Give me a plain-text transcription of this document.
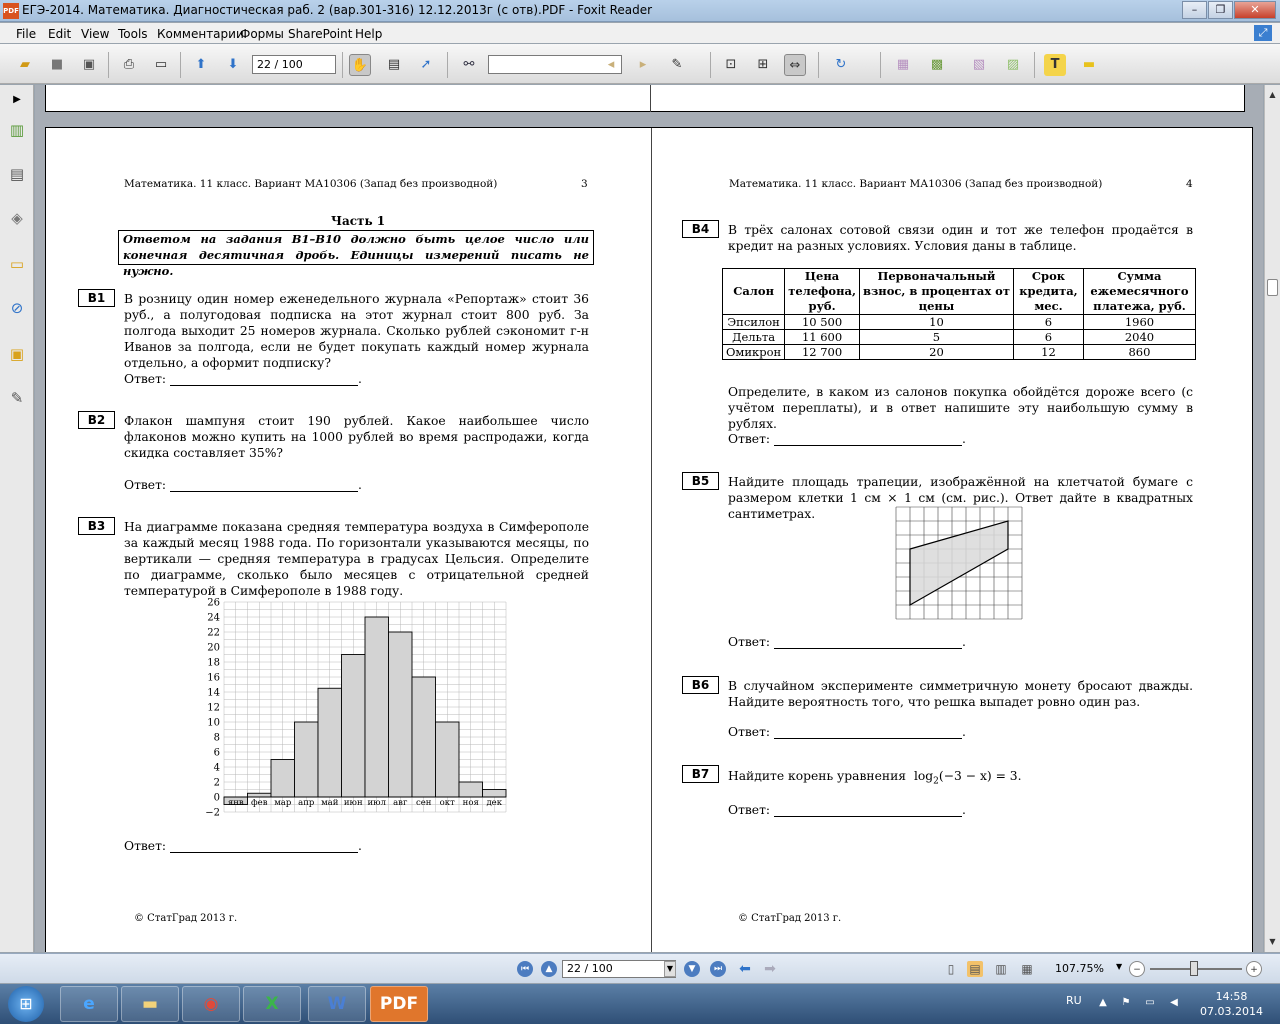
PDF ЕГЭ-2014. Математика. Диагностическая раб. 2 (вар.301-316) 12.12.2013г (с отв).PDF - Foxit Reader	–	❐	✕
File Edit View Tools Комментарии
Формы SharePoint Help	⤢
▰	■	▣	⎙	▭	⬆	⬇	22 / 100	✋	▤	➚	⚯	◂	▸	✎	⊡	⊞	⇔	↻	▦	▩	▧	▨	T	▬
▶
▥
▤
◈
▭
⊘
▣
✎
Математика. 11 класс. Вариант МА10306 (Запад без производной)	3
Часть 1
Ответом на задания В1–В10 должно быть целое число или конечная десятичная дробь. Единицы измерений писать не нужно.
B1	В розницу один номер еженедельного журнала «Репортаж» стоит 36 руб., а полугодовая подписка на этот журнал стоит 800 руб. За полгода выходит 25 номеров журнала. Сколько рублей сэкономит г-н Иванов за полгода, если не будет покупать каждый номер журнала отдельно, а оформит подписку?
Ответ:	.
B2	Флакон шампуня стоит 190 рублей. Какое наибольшее число флаконов можно купить на 1000 рублей во время распродажи, когда скидка составляет 35%?
Ответ:	.
B3	На диаграмме показана средняя температура воздуха в Симферополе за каждый месяц 1988 года. По горизонтали указываются месяцы, по вертикали — средняя температура в градусах Цельсия. Определите по диаграмме, сколько было месяцев с отрицательной средней температурой в Симферополе в 1988 году.
−2
0
2
4
6
8
10
12
14
16
18
20
22
24
26
янв фев мар апр май июн июл авг сен окт ноя дек
Ответ:	.
© СтатГрад 2013 г.
Математика. 11 класс. Вариант МА10306 (Запад без производной)	4
B4	В трёх салонах сотовой связи один и тот же телефон продаётся в кредит на разных условиях. Условия даны в таблице.
Салон	Цена телефона, руб.	Первоначальный взнос, в процентах от цены	Срок кредита, мес.	Сумма ежемесячного платежа, руб.
Эпсилон	10 500	10	6	1960
Дельта	11 600	5	6	2040
Омикрон	12 700	20	12	860
Определите, в каком из салонов покупка обойдётся дороже всего (с учётом переплаты), и в ответ напишите эту наибольшую сумму в рублях.
Ответ:	.
B5	Найдите площадь трапеции, изображённой на клетчатой бумаге с размером клетки 1 см × 1 см (см. рис.). Ответ дайте в квадратных сантиметрах.
Ответ:	.
B6	В случайном эксперименте симметричную монету бросают дважды. Найдите вероятность того, что решка выпадет ровно один раз.
Ответ:	.
B7	Найдите корень уравнения $\log_2(-3 - x) = 3$.
Ответ:	.
© СтатГрад 2013 г.
▲
▼
⏮	▲	22 / 100	▼	▼	⏭ ⬅ ➡	▯	▤ ▥ ▦ 107.75% ▼	−	+
⊞	e	▬	◉	X	W	PDF	RU	▲	⚑ ▭	◀	14:58
07.03.2014
